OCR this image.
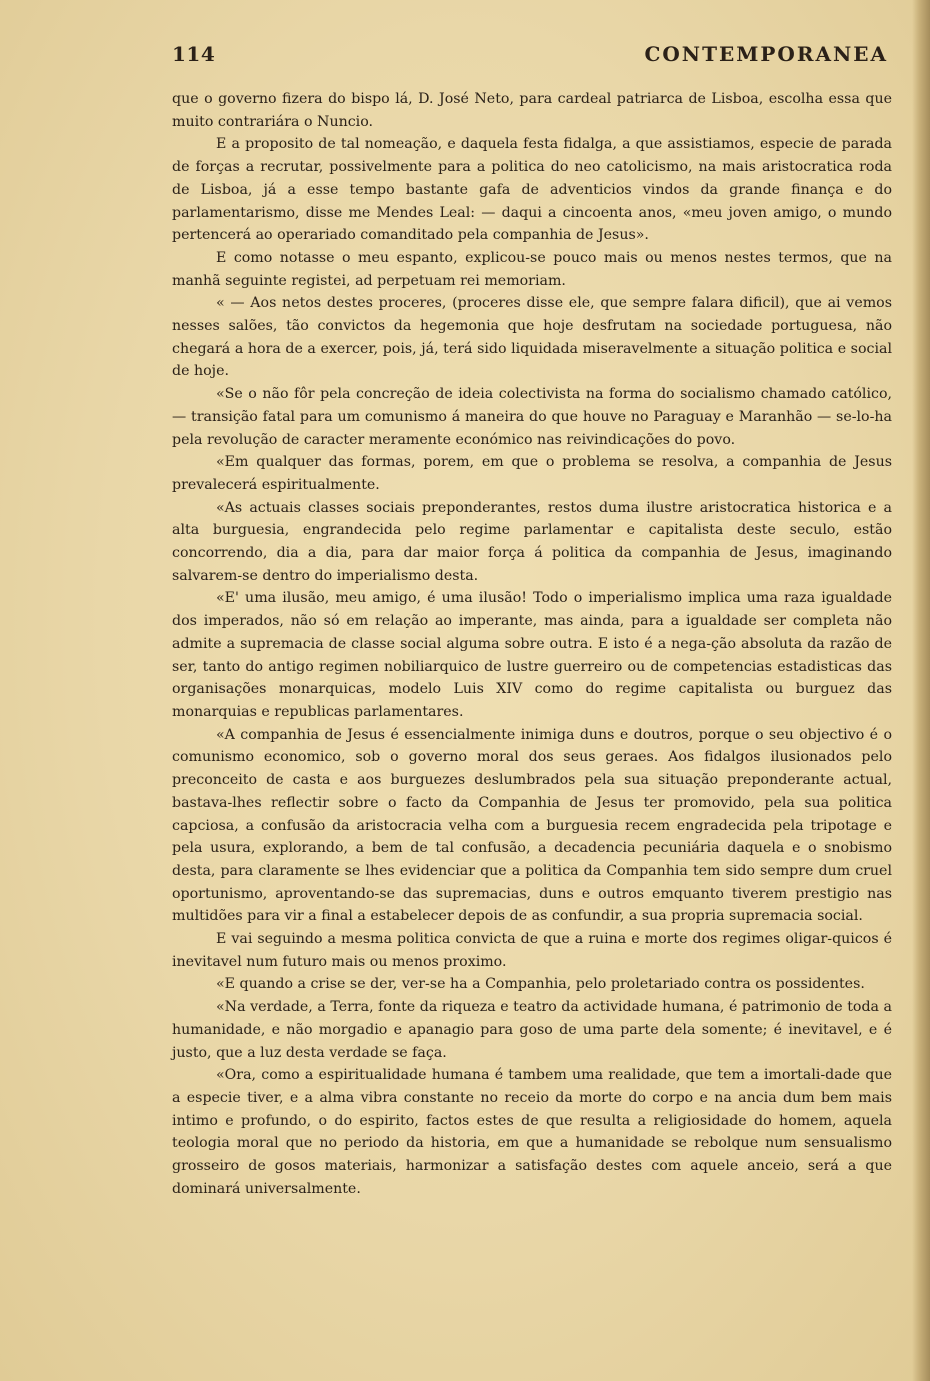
114	CONTEMPORANEA

que o governo fizera do bispo lá, D. José Neto, para cardeal patriarca de Lisboa, escolha essa que muito contrariára o Nuncio.

E a proposito de tal nomeação, e daquela festa fidalga, a que assistiamos, especie de parada de forças a recrutar, possivelmente para a politica do neo catolicismo, na mais aristocratica roda de Lisboa, já a esse tempo bastante gafa de adventicios vindos da grande finança e do parlamentarismo, disse me Mendes Leal: — daqui a cincoenta anos, «meu joven amigo, o mundo pertencerá ao operariado comanditado pela companhia de Jesus».

E como notasse o meu espanto, explicou-se pouco mais ou menos nestes termos, que na manhã seguinte registei, ad perpetuam rei memoriam.

« — Aos netos destes proceres, (proceres disse ele, que sempre falara dificil), que ai vemos nesses salões, tão convictos da hegemonia que hoje desfrutam na sociedade portuguesa, não chegará a hora de a exercer, pois, já, terá sido liquidada miseravelmente a situação politica e social de hoje.

«Se o não fôr pela concreção de ideia colectivista na forma do socialismo chamado católico, — transição fatal para um comunismo á maneira do que houve no Paraguay e Maranhão — se-lo-ha pela revolução de caracter meramente económico nas reivindicações do povo.

«Em qualquer das formas, porem, em que o problema se resolva, a companhia de Jesus prevalecerá espiritualmente.

«As actuais classes sociais preponderantes, restos duma ilustre aristocratica historica e a alta burguesia, engrandecida pelo regime parlamentar e capitalista deste seculo, estão concorrendo, dia a dia, para dar maior força á politica da companhia de Jesus, imaginando salvarem-se dentro do imperialismo desta.

«E' uma ilusão, meu amigo, é uma ilusão! Todo o imperialismo implica uma raza igualdade dos imperados, não só em relação ao imperante, mas ainda, para a igualdade ser completa não admite a supremacia de classe social alguma sobre outra. E isto é a nega-ção absoluta da razão de ser, tanto do antigo regimen nobiliarquico de lustre guerreiro ou de competencias estadisticas das organisações monarquicas, modelo Luis XIV como do regime capitalista ou burguez das monarquias e republicas parlamentares.

«A companhia de Jesus é essencialmente inimiga duns e doutros, porque o seu objectivo é o comunismo economico, sob o governo moral dos seus geraes. Aos fidalgos ilusionados pelo preconceito de casta e aos burguezes deslumbrados pela sua situação preponderante actual, bastava-lhes reflectir sobre o facto da Companhia de Jesus ter promovido, pela sua politica capciosa, a confusão da aristocracia velha com a burguesia recem engradecida pela tripotage e pela usura, explorando, a bem de tal confusão, a decadencia pecuniária daquela e o snobismo desta, para claramente se lhes evidenciar que a politica da Companhia tem sido sempre dum cruel oportunismo, aproventando-se das supremacias, duns e outros emquanto tiverem prestigio nas multidões para vir a final a estabelecer depois de as confundir, a sua propria supremacia social.

E vai seguindo a mesma politica convicta de que a ruina e morte dos regimes oligar-quicos é inevitavel num futuro mais ou menos proximo.

«E quando a crise se der, ver-se ha a Companhia, pelo proletariado contra os possidentes.

«Na verdade, a Terra, fonte da riqueza e teatro da actividade humana, é patrimonio de toda a humanidade, e não morgadio e apanagio para goso de uma parte dela somente; é inevitavel, e é justo, que a luz desta verdade se faça.

«Ora, como a espiritualidade humana é tambem uma realidade, que tem a imortali-dade que a especie tiver, e a alma vibra constante no receio da morte do corpo e na ancia dum bem mais intimo e profundo, o do espirito, factos estes de que resulta a religiosidade do homem, aquela teologia moral que no periodo da historia, em que a humanidade se rebolque num sensualismo grosseiro de gosos materiais, harmonizar a satisfação destes com aquele anceio, será a que dominará universalmente.
